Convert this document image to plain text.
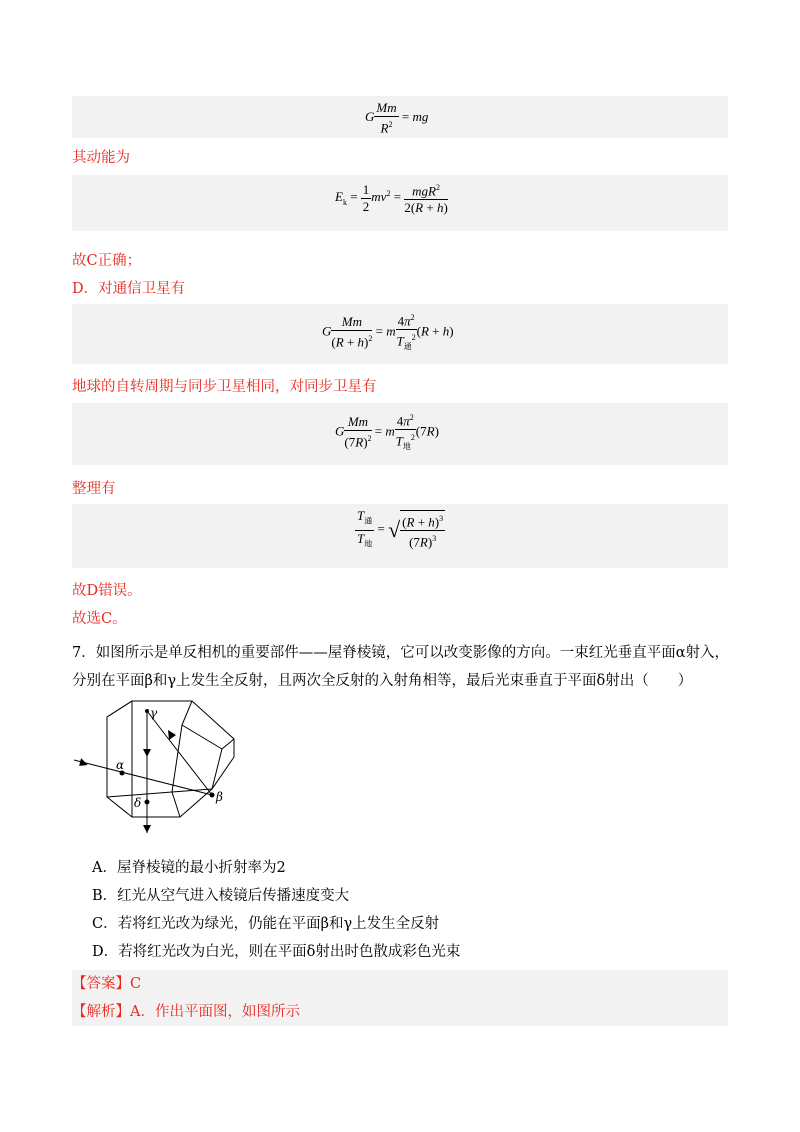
G $\frac{Mm}{R^2}$ = mg
其动能为
$E_k = \frac{1}{2} mv^2 = \frac{mgR^2}{2(R + h)}$
故C正确；
D．对通信卫星有
G $\frac{Mm}{(R + h)^2} = m \frac{4\pi^2}{T_通^2} (R + h)$
地球的自转周期与同步卫星相同，对同步卫星有
G $\frac{Mm}{(7R)^2} = m \frac{4\pi^2}{T_地^2} (7R)$
整理有
$\frac{T_通}{T_地}$ = √ $\frac{(R + h)^3}{(7R)^3}$
故D错误。
故选C。
7．如图所示是单反相机的重要部件——屋脊棱镜，它可以改变影像的方向。一束红光垂直平面α射入，
分别在平面β和γ上发生全反射，且两次全反射的入射角相等，最后光束垂直于平面δ射出（　　）
α
β
γ
δ
A．屋脊棱镜的最小折射率为2
B．红光从空气进入棱镜后传播速度变大
C．若将红光改为绿光，仍能在平面β和γ上发生全反射
D．若将红光改为白光，则在平面δ射出时色散成彩色光束
【答案】C
【解析】A．作出平面图，如图所示
